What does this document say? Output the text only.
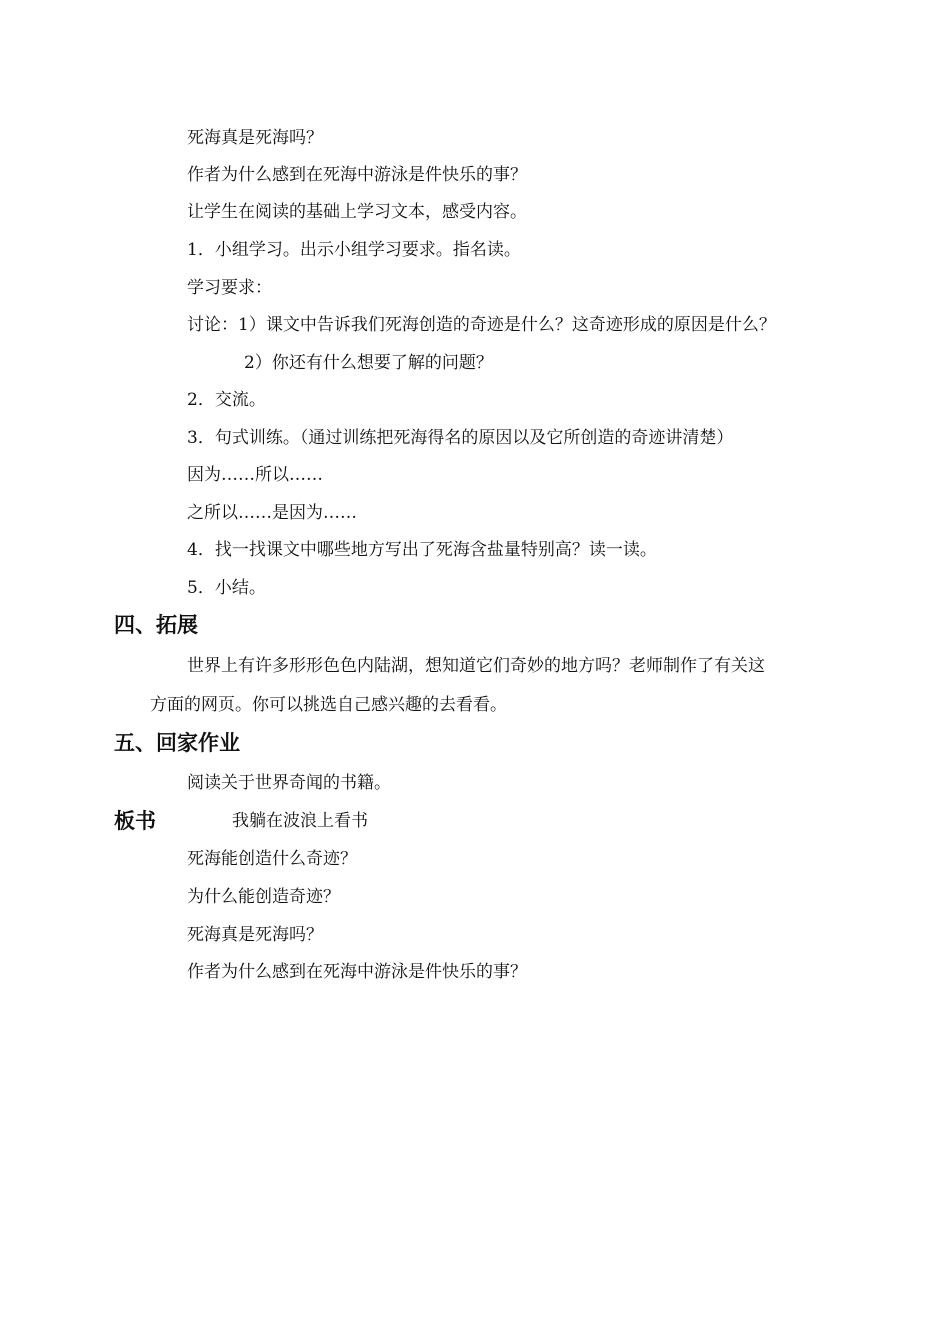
死海真是死海吗？
作者为什么感到在死海中游泳是件快乐的事？
让学生在阅读的基础上学习文本，感受内容。
1．小组学习。出示小组学习要求。指名读。
学习要求：
讨论：1）课文中告诉我们死海创造的奇迹是什么？这奇迹形成的原因是什么？
2）你还有什么想要了解的问题？
2．交流。
3．句式训练。（通过训练把死海得名的原因以及它所创造的奇迹讲清楚）
因为……所以……
之所以……是因为……
4．找一找课文中哪些地方写出了死海含盐量特别高？读一读。
5．小结。
四、拓展
世界上有许多形形色色内陆湖，想知道它们奇妙的地方吗？老师制作了有关这
方面的网页。你可以挑选自己感兴趣的去看看。
五、回家作业
阅读关于世界奇闻的书籍。
板书	我躺在波浪上看书
死海能创造什么奇迹？
为什么能创造奇迹？
死海真是死海吗？
作者为什么感到在死海中游泳是件快乐的事？
